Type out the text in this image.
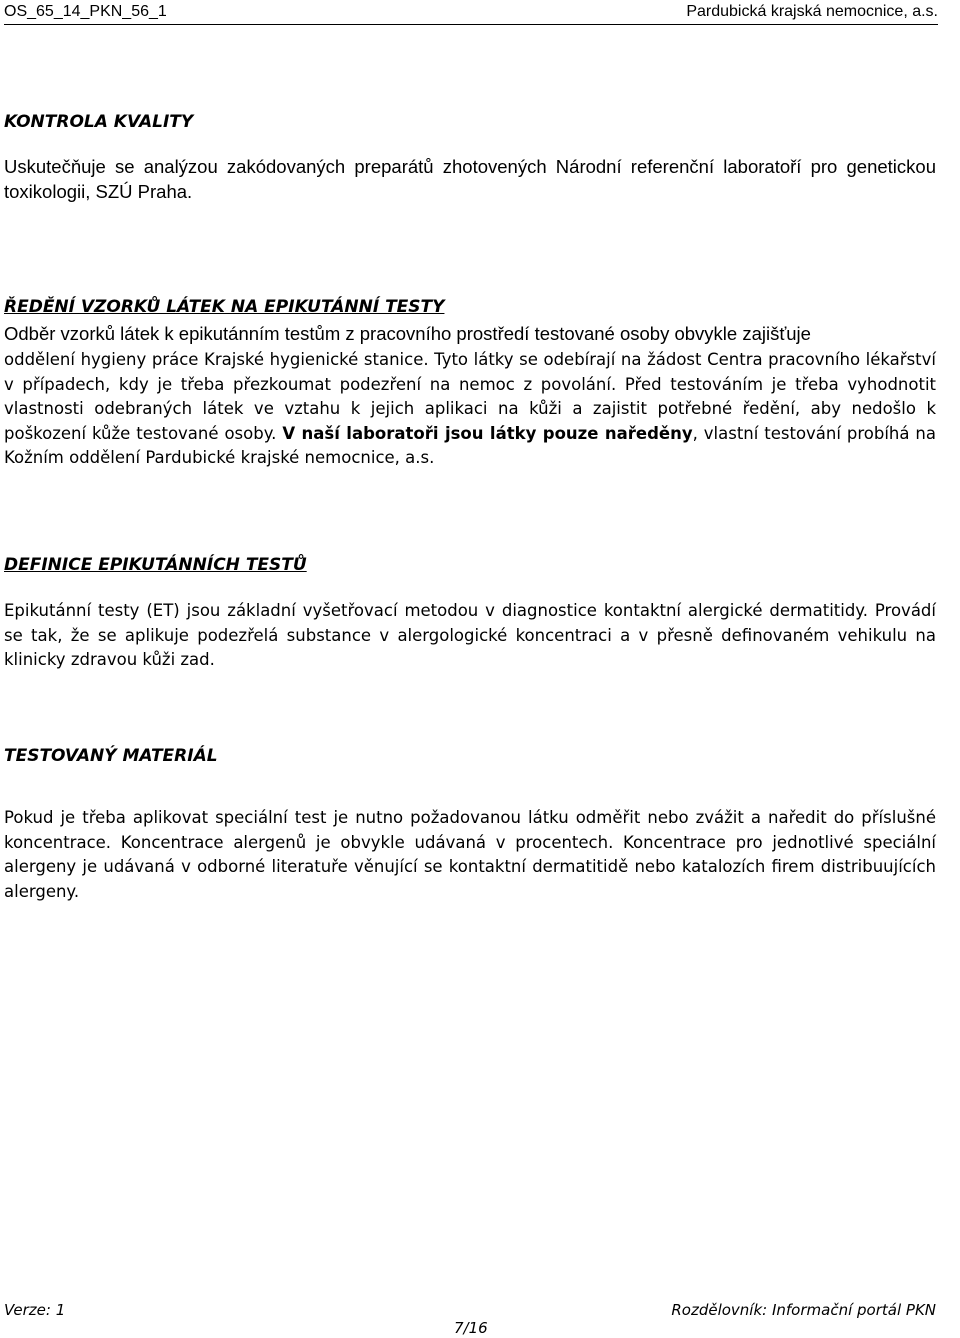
OS_65_14_PKN_56_1	Pardubická krajská nemocnice, a.s.
KONTROLA KVALITY

Uskutečňuje se analýzou zakódovaných preparátů zhotovených Národní referenční laboratoří pro genetickou toxikologii, SZÚ Praha.

ŘEDĚNÍ VZORKŮ LÁTEK NA EPIKUTÁNNÍ TESTY

Odběr vzorků látek k epikutánním testům z pracovního prostředí testované osoby obvykle zajišťuje

oddělení hygieny práce Krajské hygienické stanice. Tyto látky se odebírají na žádost Centra pracovního lékařství v případech, kdy je třeba přezkoumat podezření na nemoc z povolání. Před testováním je třeba vyhodnotit vlastnosti odebraných látek ve vztahu k jejich aplikaci na kůži a zajistit potřebné ředění, aby nedošlo k poškození kůže testované osoby. V naší laboratoři jsou látky pouze naředěny, vlastní testování probíhá na Kožním oddělení Pardubické krajské nemocnice, a.s.

DEFINICE EPIKUTÁNNÍCH TESTŮ

Epikutánní testy (ET) jsou základní vyšetřovací metodou v diagnostice kontaktní alergické dermatitidy. Provádí se tak, že se aplikuje podezřelá substance v alergologické koncentraci a v přesně definovaném vehikulu na klinicky zdravou kůži zad.

TESTOVANÝ MATERIÁL

Pokud je třeba aplikovat speciální test je nutno požadovanou látku odměřit nebo zvážit a naředit do příslušné koncentrace. Koncentrace alergenů je obvykle udávaná v procentech. Koncentrace pro jednotlivé speciální alergeny je udávaná v odborné literatuře věnující se kontaktní dermatitidě nebo katalozích firem distribuujících alergeny.

Verze: 1	Rozdělovník: Informační portál PKN
7/16
